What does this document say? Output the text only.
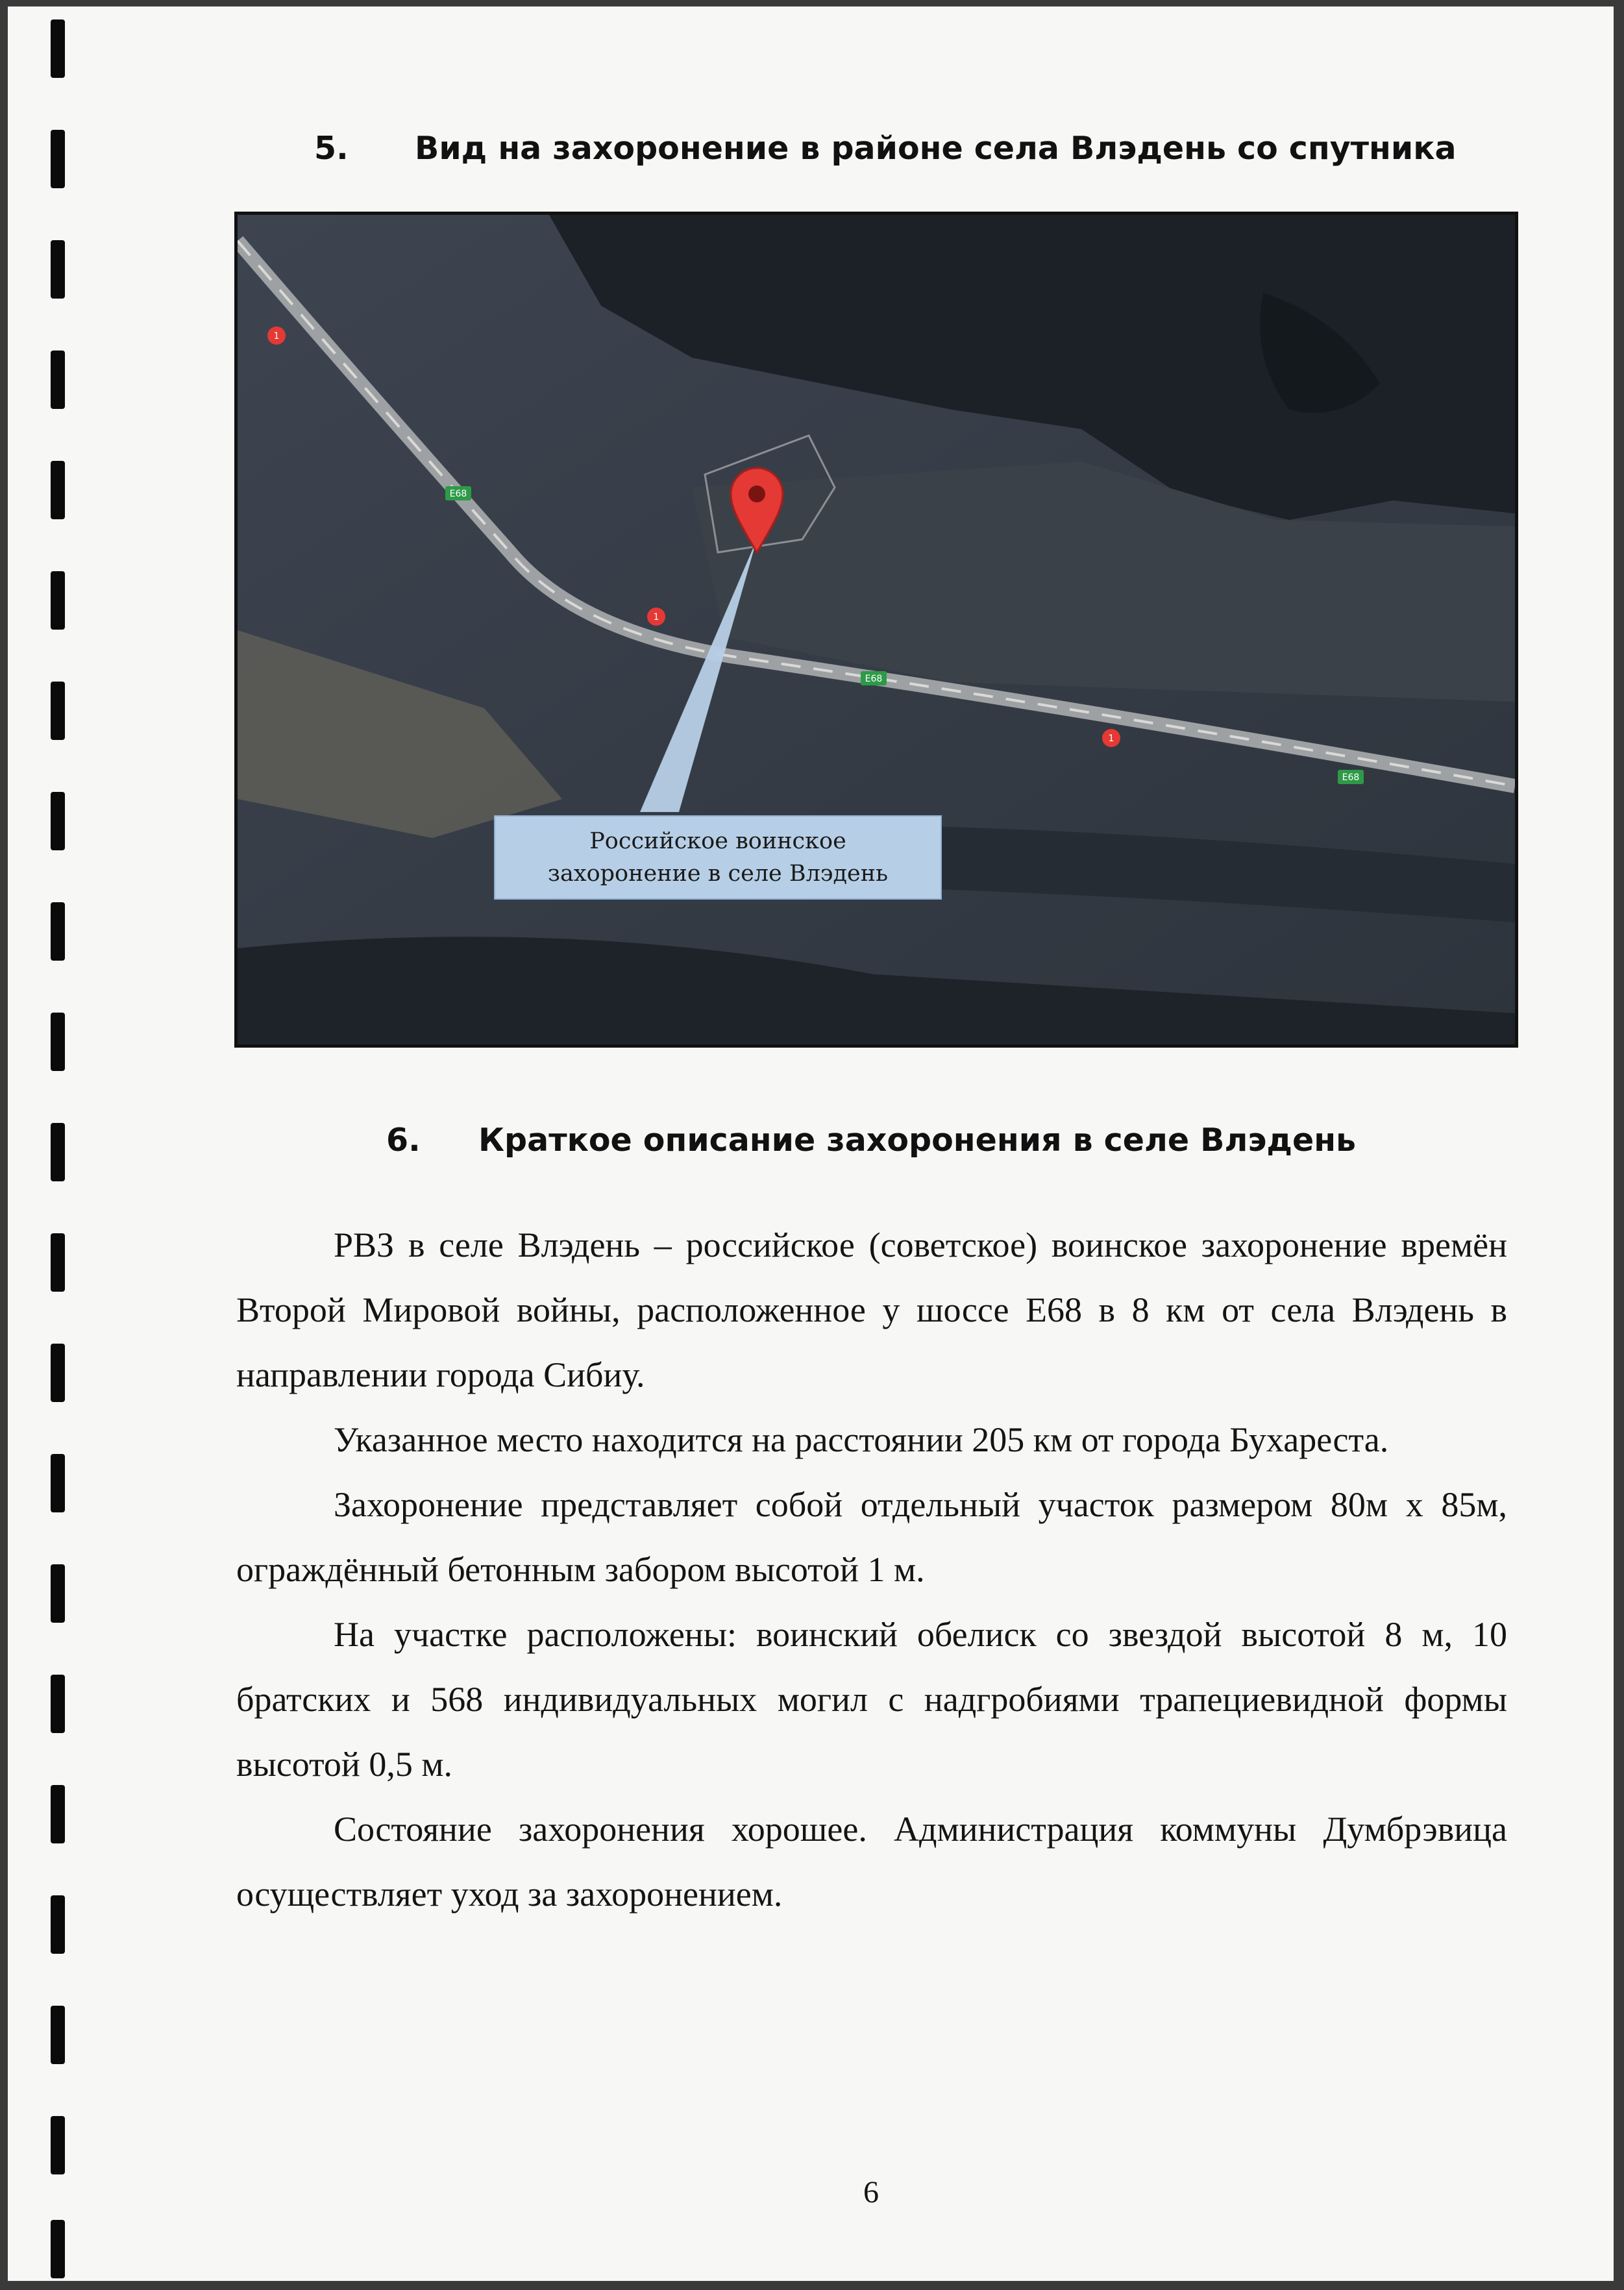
5. Вид на захоронение в районе села Влэдень со спутника
E68
E68
E68
1
1
1
Российское воинское
захоронение в селе Влэдень
6. Краткое описание захоронения в селе Влэдень

РВЗ в селе Влэдень – российское (советское) воинское захоронение времён Второй Мировой войны, расположенное у шоссе Е68 в 8 км от села Влэдень в направлении города Сибиу.

Указанное место находится на расстоянии 205 км от города Бухареста.

Захоронение представляет собой отдельный участок размером 80м х 85м, ограждённый бетонным забором высотой 1 м.

На участке расположены: воинский обелиск со звездой высотой 8 м, 10 братских и 568 индивидуальных могил с надгробиями трапециевидной формы высотой 0,5 м.

Состояние захоронения хорошее. Администрация коммуны Думбрэвица осуществляет уход за захоронением.

6
